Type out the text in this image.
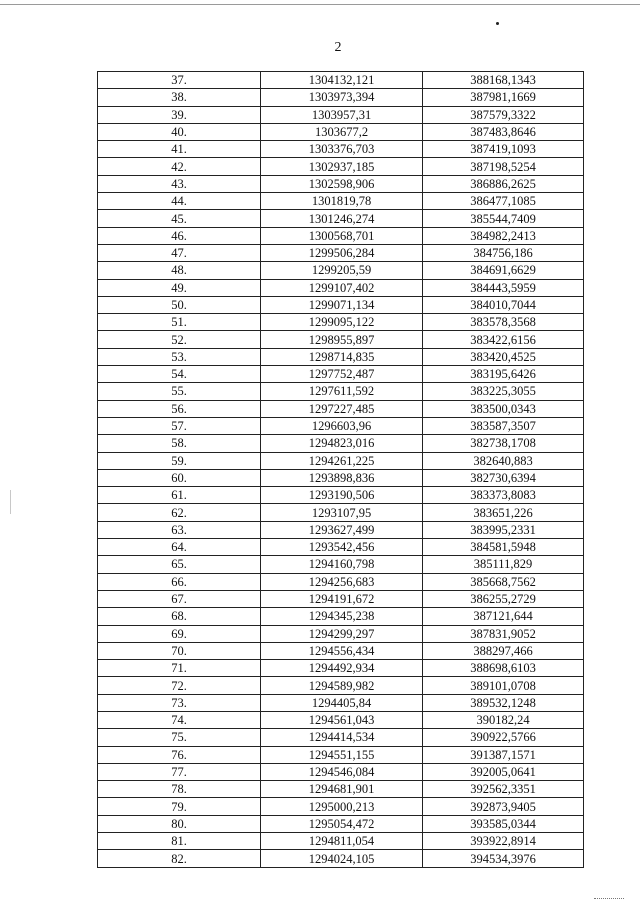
2
37.	1304132,121	388168,1343
38.	1303973,394	387981,1669
39.	1303957,31	387579,3322
40.	1303677,2	387483,8646
41.	1303376,703	387419,1093
42.	1302937,185	387198,5254
43.	1302598,906	386886,2625
44.	1301819,78	386477,1085
45.	1301246,274	385544,7409
46.	1300568,701	384982,2413
47.	1299506,284	384756,186
48.	1299205,59	384691,6629
49.	1299107,402	384443,5959
50.	1299071,134	384010,7044
51.	1299095,122	383578,3568
52.	1298955,897	383422,6156
53.	1298714,835	383420,4525
54.	1297752,487	383195,6426
55.	1297611,592	383225,3055
56.	1297227,485	383500,0343
57.	1296603,96	383587,3507
58.	1294823,016	382738,1708
59.	1294261,225	382640,883
60.	1293898,836	382730,6394
61.	1293190,506	383373,8083
62.	1293107,95	383651,226
63.	1293627,499	383995,2331
64.	1293542,456	384581,5948
65.	1294160,798	385111,829
66.	1294256,683	385668,7562
67.	1294191,672	386255,2729
68.	1294345,238	387121,644
69.	1294299,297	387831,9052
70.	1294556,434	388297,466
71.	1294492,934	388698,6103
72.	1294589,982	389101,0708
73.	1294405,84	389532,1248
74.	1294561,043	390182,24
75.	1294414,534	390922,5766
76.	1294551,155	391387,1571
77.	1294546,084	392005,0641
78.	1294681,901	392562,3351
79.	1295000,213	392873,9405
80.	1295054,472	393585,0344
81.	1294811,054	393922,8914
82.	1294024,105	394534,3976
